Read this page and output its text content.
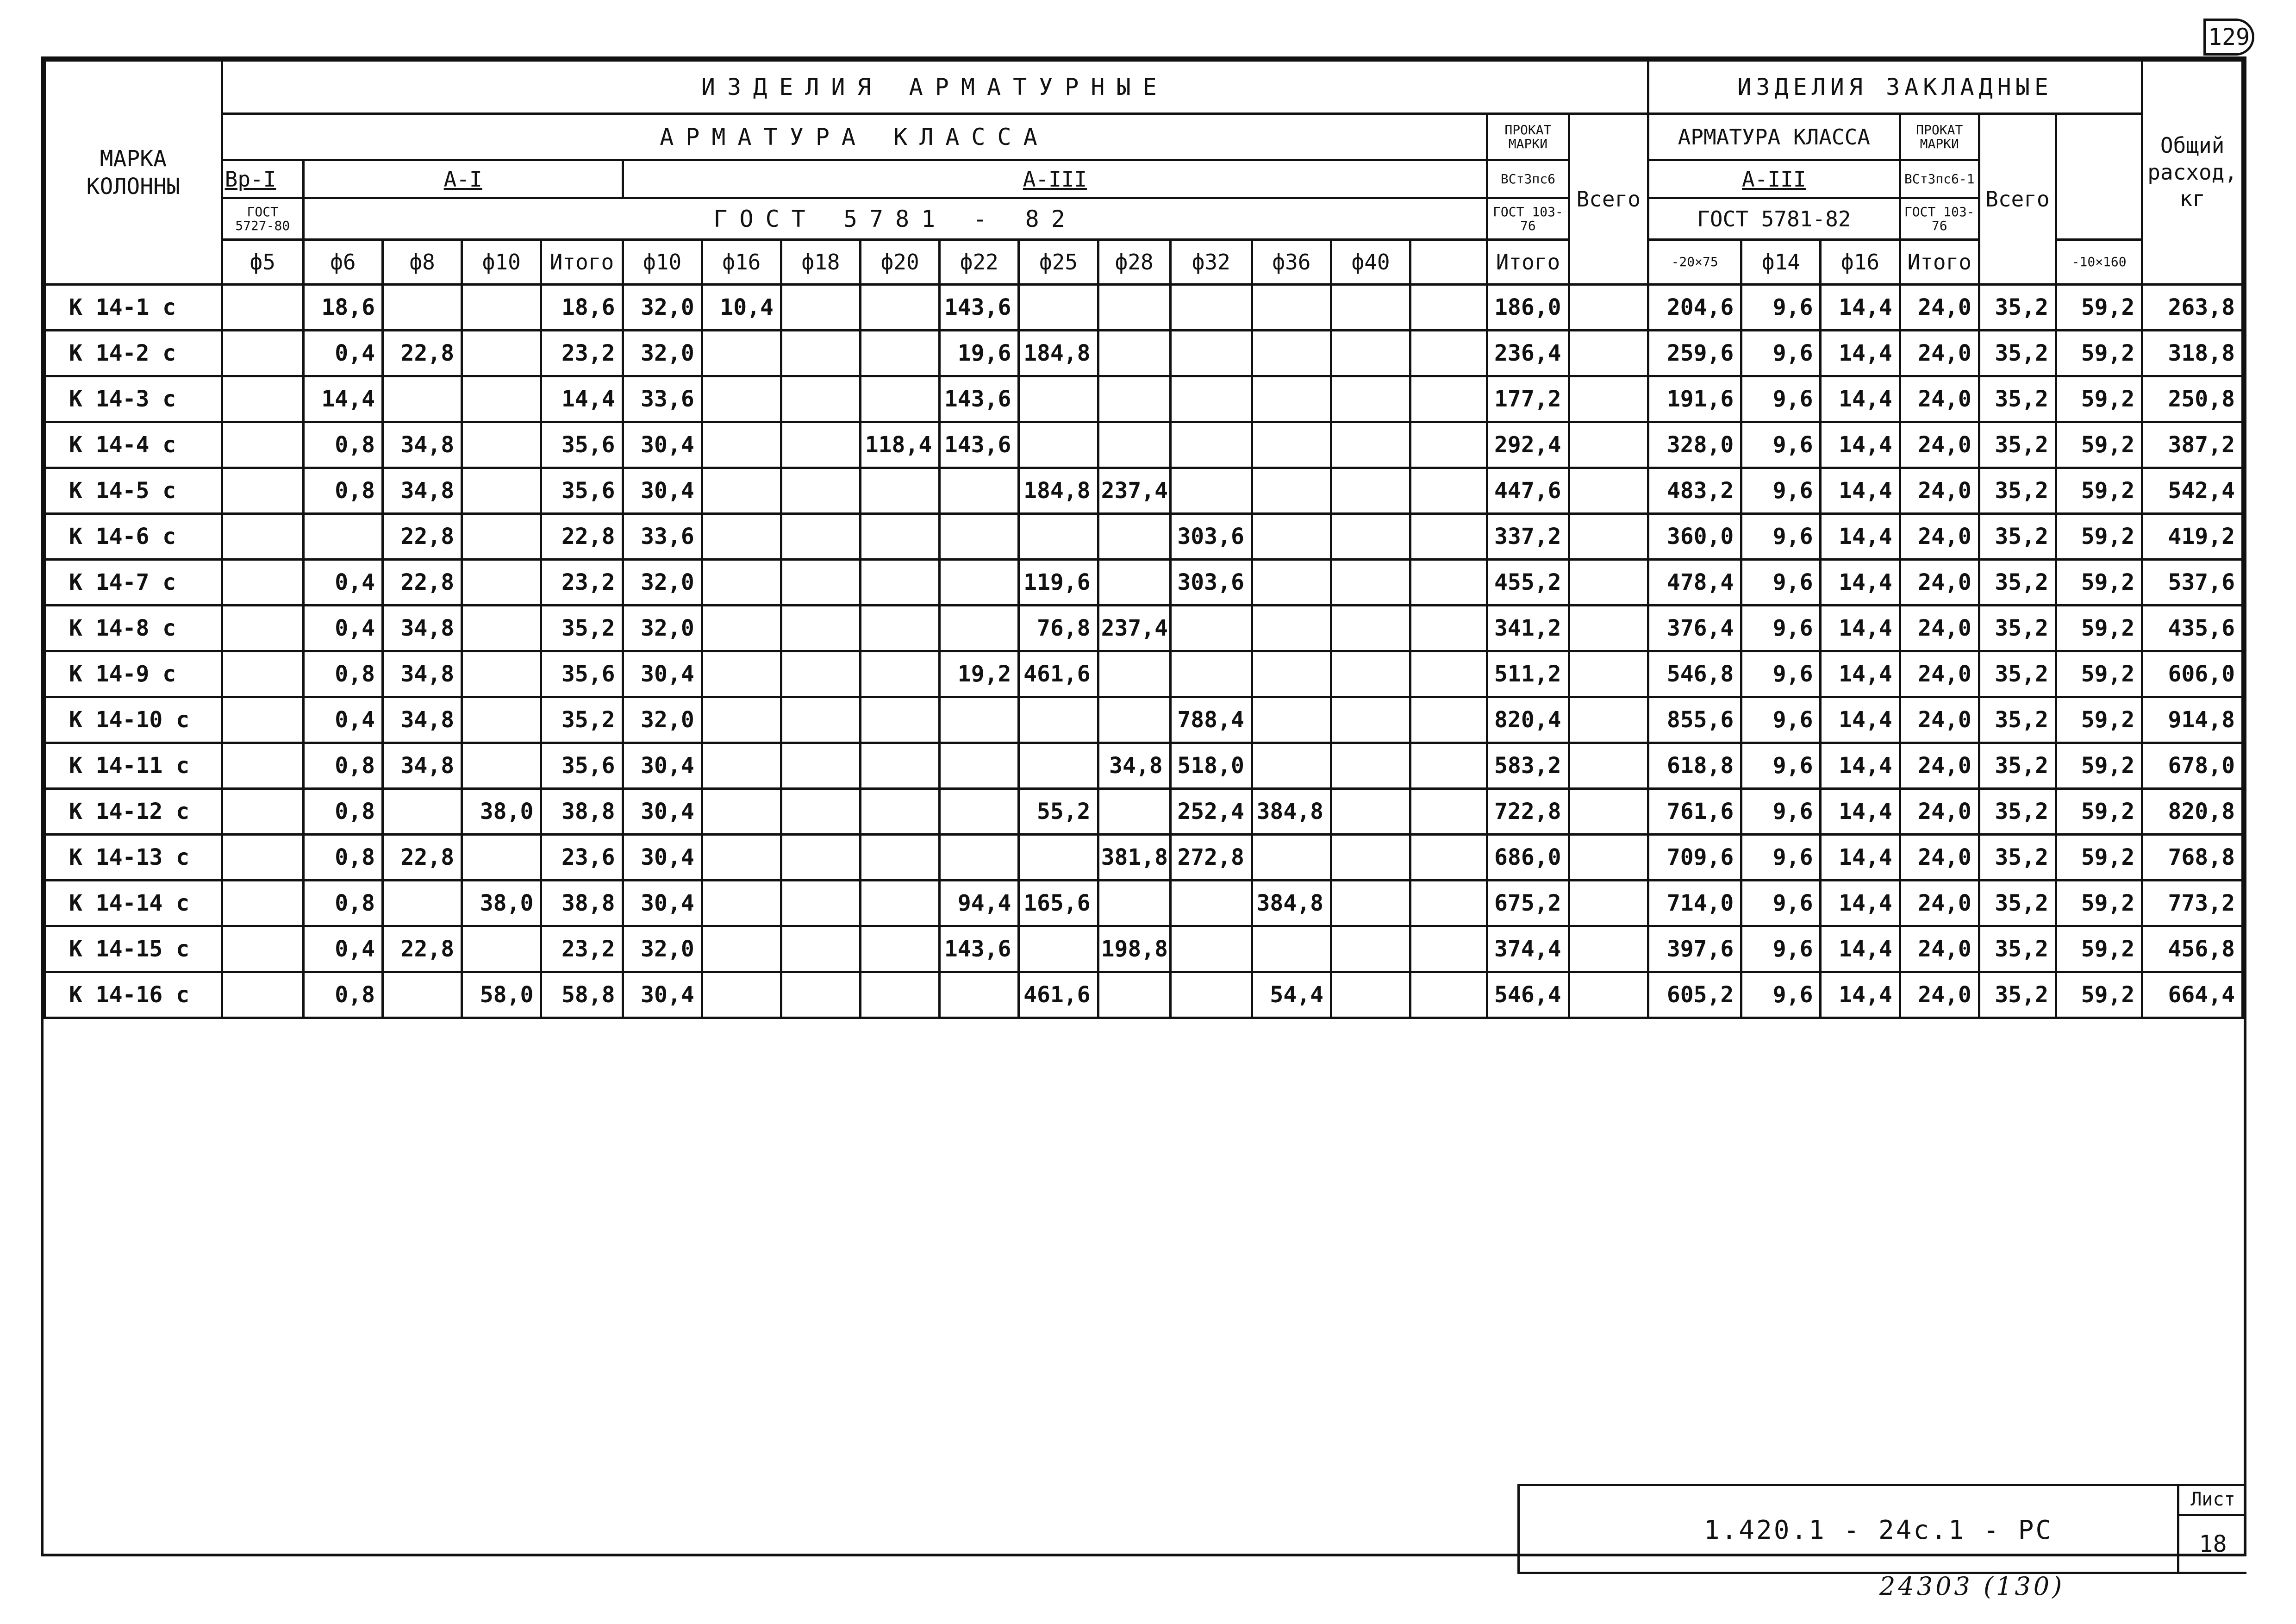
129
МАРКА КОЛОННЫ	ИЗДЕЛИЯ АРМАТУРНЫЕ																		ИЗДЕЛИЯ ЗАКЛАДНЫЕ						Общий расход, кг
	АРМАТУРА КЛАССА																ПРОКАТ МАРКИ	Всего	АРМАТУРА КЛАССА			ПРОКАТ МАРКИ	Всего		
	Вр-I	А-I				А-III											ВСт3пс6		А-III			ВСт3пс6-1			
	ГОСТ 5727-80	ГОСТ 5781 - 82															ГОСТ 103-76		ГОСТ 5781-82			ГОСТ 103-76			
	ф5	ф6	ф8	ф10	Итого	ф10	ф16	ф18	ф20	ф22	ф25	ф28	ф32	ф36	ф40		Итого		-20×75	ф14	ф16	Итого		-10×160	
К 14-1 с		18,6			18,6	32,0	10,4			143,6							186,0		204,6	9,6	14,4	24,0	35,2	59,2	263,8
К 14-2 с		0,4	22,8		23,2	32,0				19,6	184,8						236,4		259,6	9,6	14,4	24,0	35,2	59,2	318,8
К 14-3 с		14,4			14,4	33,6				143,6							177,2		191,6	9,6	14,4	24,0	35,2	59,2	250,8
К 14-4 с		0,8	34,8		35,6	30,4			118,4	143,6							292,4		328,0	9,6	14,4	24,0	35,2	59,2	387,2
К 14-5 с		0,8	34,8		35,6	30,4					184,8	237,4					447,6		483,2	9,6	14,4	24,0	35,2	59,2	542,4
К 14-6 с			22,8		22,8	33,6							303,6				337,2		360,0	9,6	14,4	24,0	35,2	59,2	419,2
К 14-7 с		0,4	22,8		23,2	32,0					119,6		303,6				455,2		478,4	9,6	14,4	24,0	35,2	59,2	537,6
К 14-8 с		0,4	34,8		35,2	32,0					76,8	237,4					341,2		376,4	9,6	14,4	24,0	35,2	59,2	435,6
К 14-9 с		0,8	34,8		35,6	30,4				19,2	461,6						511,2		546,8	9,6	14,4	24,0	35,2	59,2	606,0
К 14-10 с		0,4	34,8		35,2	32,0							788,4				820,4		855,6	9,6	14,4	24,0	35,2	59,2	914,8
К 14-11 с		0,8	34,8		35,6	30,4						34,8	518,0				583,2		618,8	9,6	14,4	24,0	35,2	59,2	678,0
К 14-12 с		0,8		38,0	38,8	30,4					55,2		252,4	384,8			722,8		761,6	9,6	14,4	24,0	35,2	59,2	820,8
К 14-13 с		0,8	22,8		23,6	30,4						381,8	272,8				686,0		709,6	9,6	14,4	24,0	35,2	59,2	768,8
К 14-14 с		0,8		38,0	38,8	30,4				94,4	165,6			384,8			675,2		714,0	9,6	14,4	24,0	35,2	59,2	773,2
К 14-15 с		0,4	22,8		23,2	32,0				143,6		198,8					374,4		397,6	9,6	14,4	24,0	35,2	59,2	456,8
К 14-16 с		0,8		58,0	58,8	30,4					461,6			54,4			546,4		605,2	9,6	14,4	24,0	35,2	59,2	664,4
1.420.1 - 24с.1 - РС
Лист
18
24303 (130)
